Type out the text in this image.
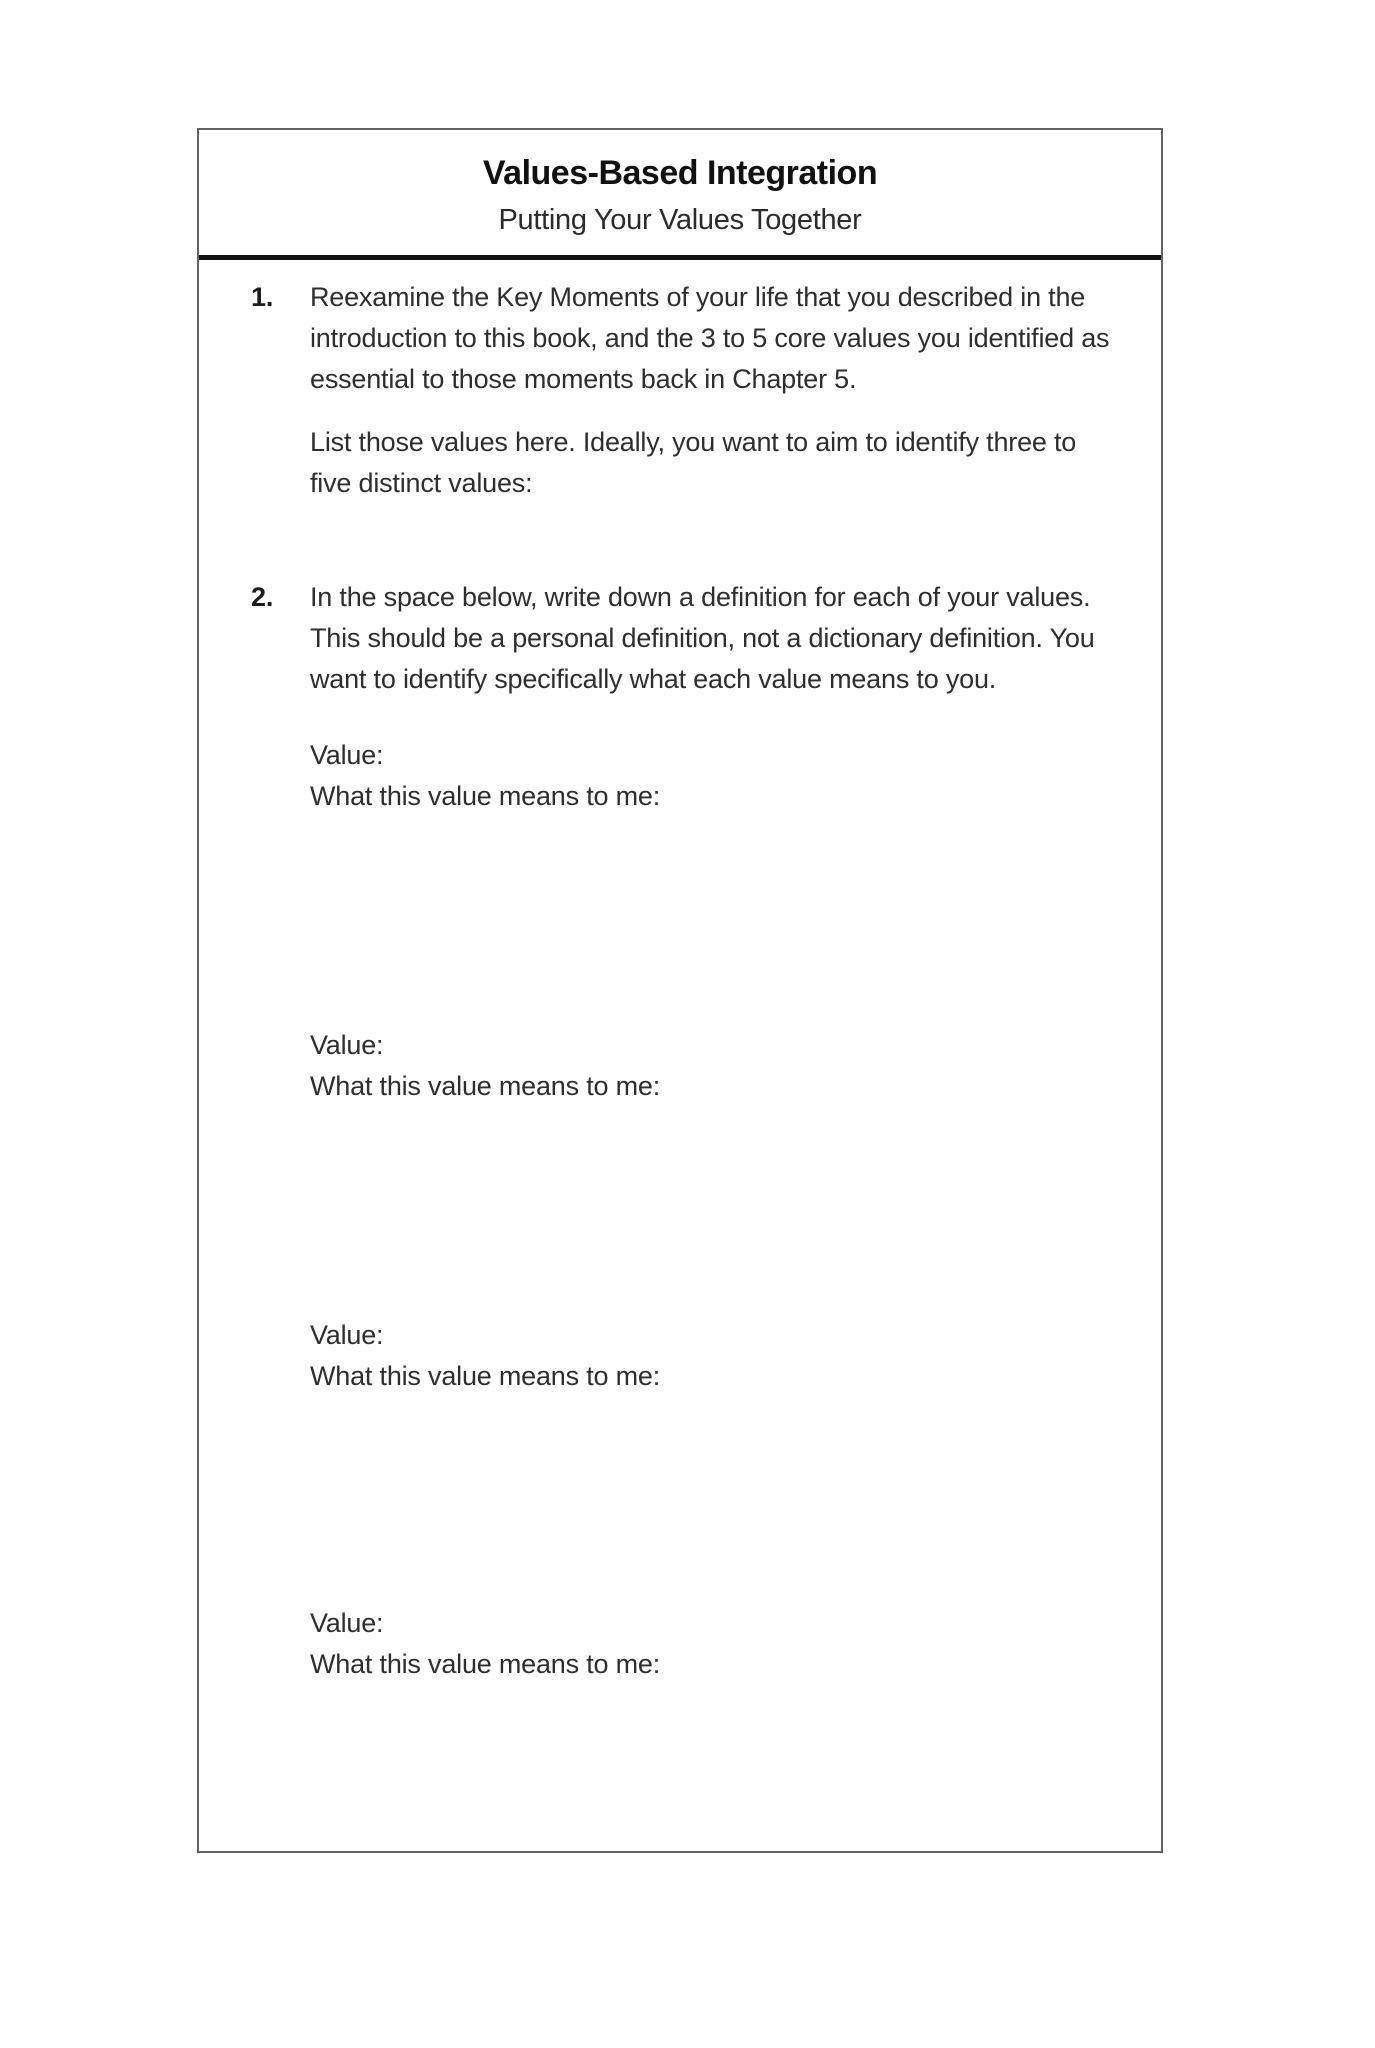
Values-Based Integration
Putting Your Values Together
1.	Reexamine the Key Moments of your life that you described in the
introduction to this book, and the 3 to 5 core values you identified as
essential to those moments back in Chapter 5.
List those values here. Ideally, you want to aim to identify three to
five distinct values:
2.	In the space below, write down a definition for each of your values.
This should be a personal definition, not a dictionary definition. You
want to identify specifically what each value means to you.
Value:
What this value means to me:
Value:
What this value means to me:
Value:
What this value means to me:
Value:
What this value means to me:
